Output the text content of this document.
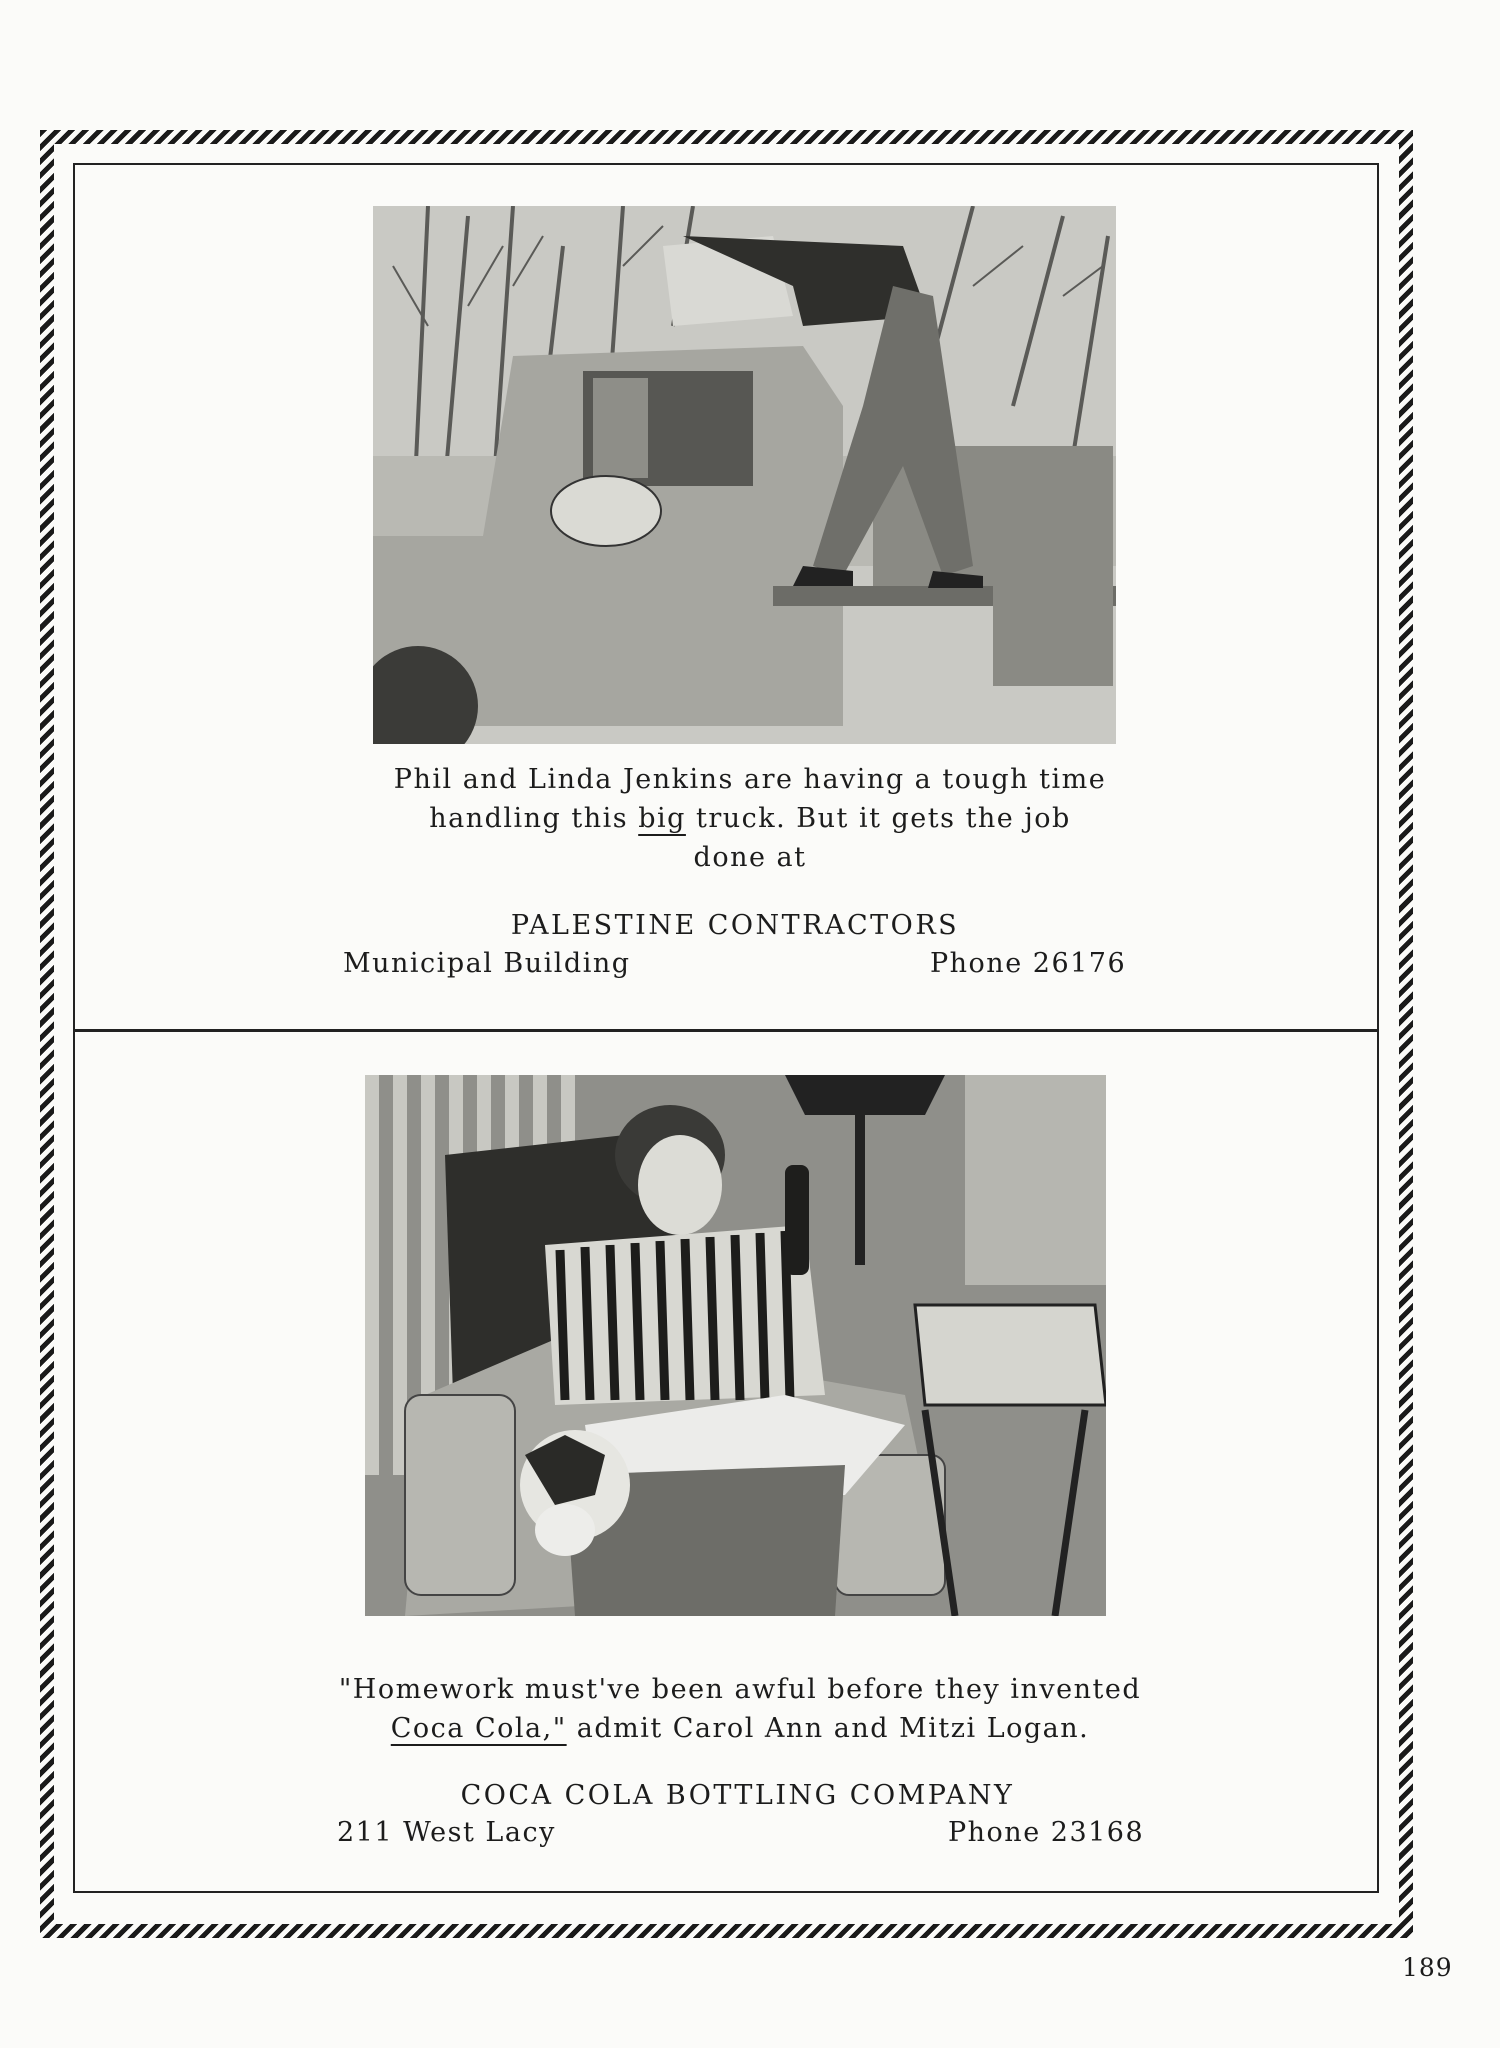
Phil and Linda Jenkins are having a tough time
handling this big truck. But it gets the job
done at
PALESTINE CONTRACTORS
Municipal Building	Phone 26176
"Homework must've been awful before they invented
Coca Cola," admit Carol Ann and Mitzi Logan.
COCA COLA BOTTLING COMPANY
211 West Lacy	Phone 23168
189
